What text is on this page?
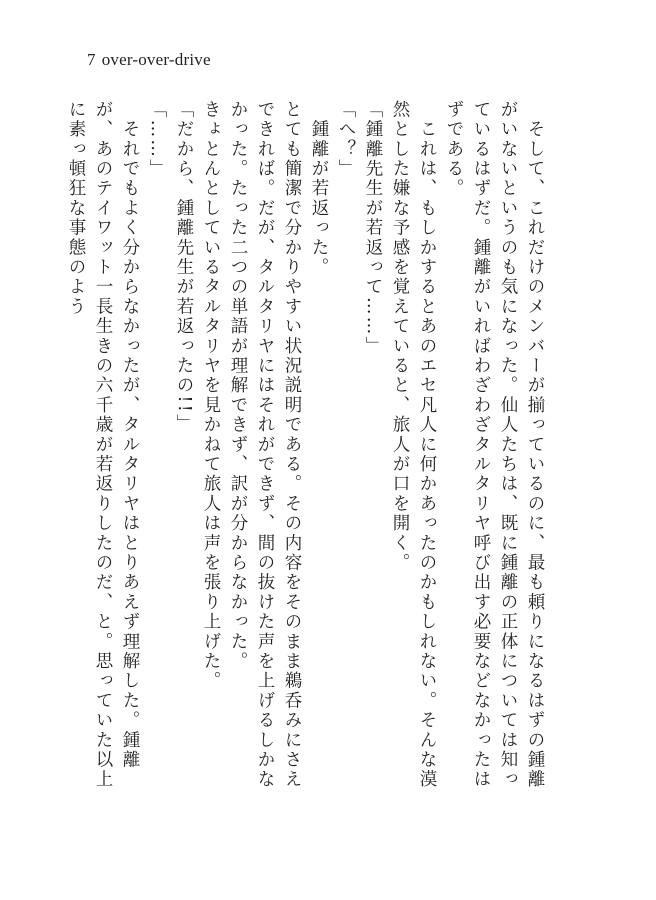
7 over-over-drive

　そして、これだけのメンバーが揃っているのに、最も頼りになるはずの鍾離がいないというのも気になった。仙人たちは、既に鍾離の正体については知っているはずだ。鍾離がいればわざわざタルタリヤ呼び出す必要などなかったはずである。

　これは、もしかするとあのエセ凡人に何かあったのかもしれない。そんな漠然とした嫌な予感を覚えていると、旅人が口を開く。

「鍾離先生が若返って……」

「へ？」

　鍾離が若返った。

とても簡潔で分かりやすい状況説明である。その内容をそのまま鵜呑みにさえできれば。だが、タルタリヤにはそれができず、間の抜けた声を上げるしかなかった。たった二つの単語が理解できず、訳が分からなかった。

きょとんとしているタルタリヤを見かねて旅人は声を張り上げた。

「だから、鍾離先生が若返ったの!!」

「……」

　それでもよく分からなかったが、タルタリヤはとりあえず理解した。鍾離が、あのテイワット一長生きの六千歳が若返りしたのだ、と。思っていた以上に素っ頓狂な事態のよう
